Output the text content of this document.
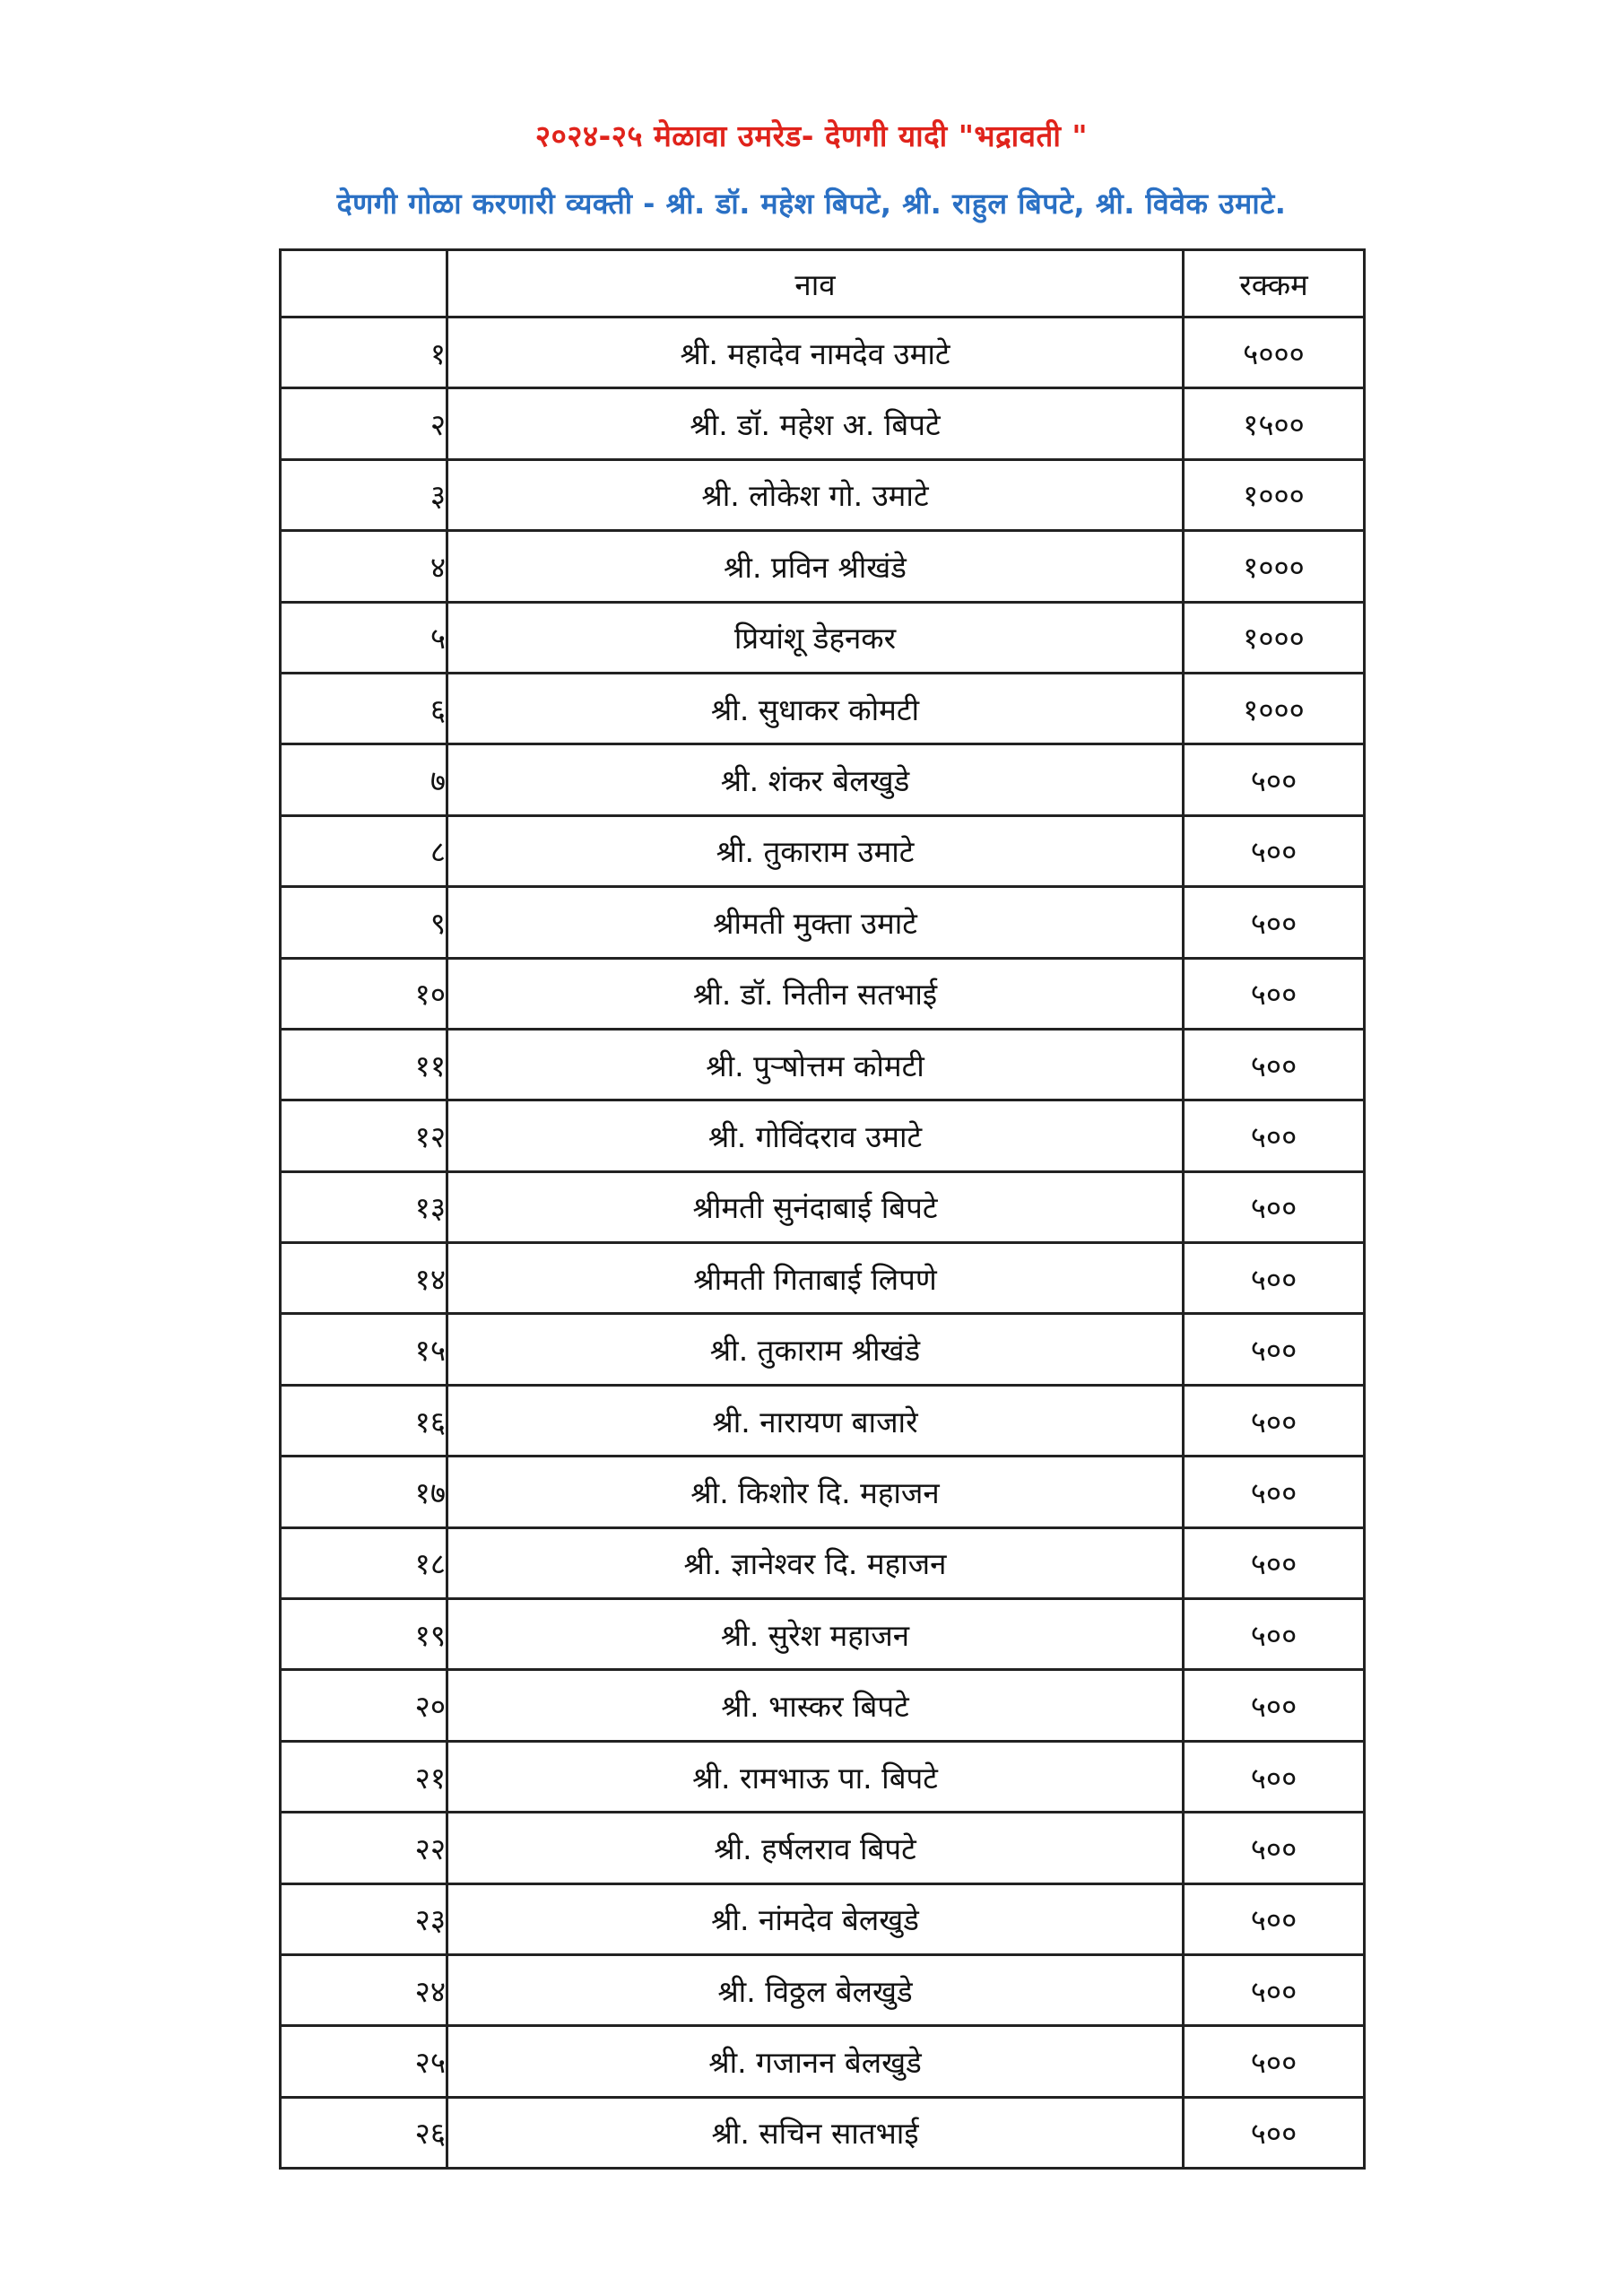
२०२४-२५ मेळावा उमरेड- देणगी यादी "भद्रावती "
देणगी गोळा करणारी व्यक्ती - श्री. डॉ. महेश बिपटे, श्री. राहुल बिपटे, श्री. विवेक उमाटे.
	नाव	रक्कम
१	श्री. महादेव नामदेव उमाटे	५०००
२	श्री. डॉ. महेश अ. बिपटे	१५००
३	श्री. लोकेश गो. उमाटे	१०००
४	श्री. प्रविन श्रीखंडे	१०००
५	प्रियांशू डेहनकर	१०००
६	श्री. सुधाकर कोमटी	१०००
७	श्री. शंकर बेलखुडे	५००
८	श्री. तुकाराम उमाटे	५००
९	श्रीमती मुक्ता उमाटे	५००
१०	श्री. डॉ. नितीन सतभाई	५००
११	श्री. पुऱ्षोत्तम कोमटी	५००
१२	श्री. गोविंदराव उमाटे	५००
१३	श्रीमती सुनंदाबाई बिपटे	५००
१४	श्रीमती गिताबाई लिपणे	५००
१५	श्री. तुकाराम श्रीखंडे	५००
१६	श्री. नारायण बाजारे	५००
१७	श्री. किशोर दि. महाजन	५००
१८	श्री. ज्ञानेश्वर दि. महाजन	५००
१९	श्री. सुरेश महाजन	५००
२०	श्री. भास्कर बिपटे	५००
२१	श्री. रामभाऊ पा. बिपटे	५००
२२	श्री. हर्षलराव बिपटे	५००
२३	श्री. नांमदेव बेलखुडे	५००
२४	श्री. विठ्ठल बेलखुडे	५००
२५	श्री. गजानन बेलखुडे	५००
२६	श्री. सचिन सातभाई	५००
